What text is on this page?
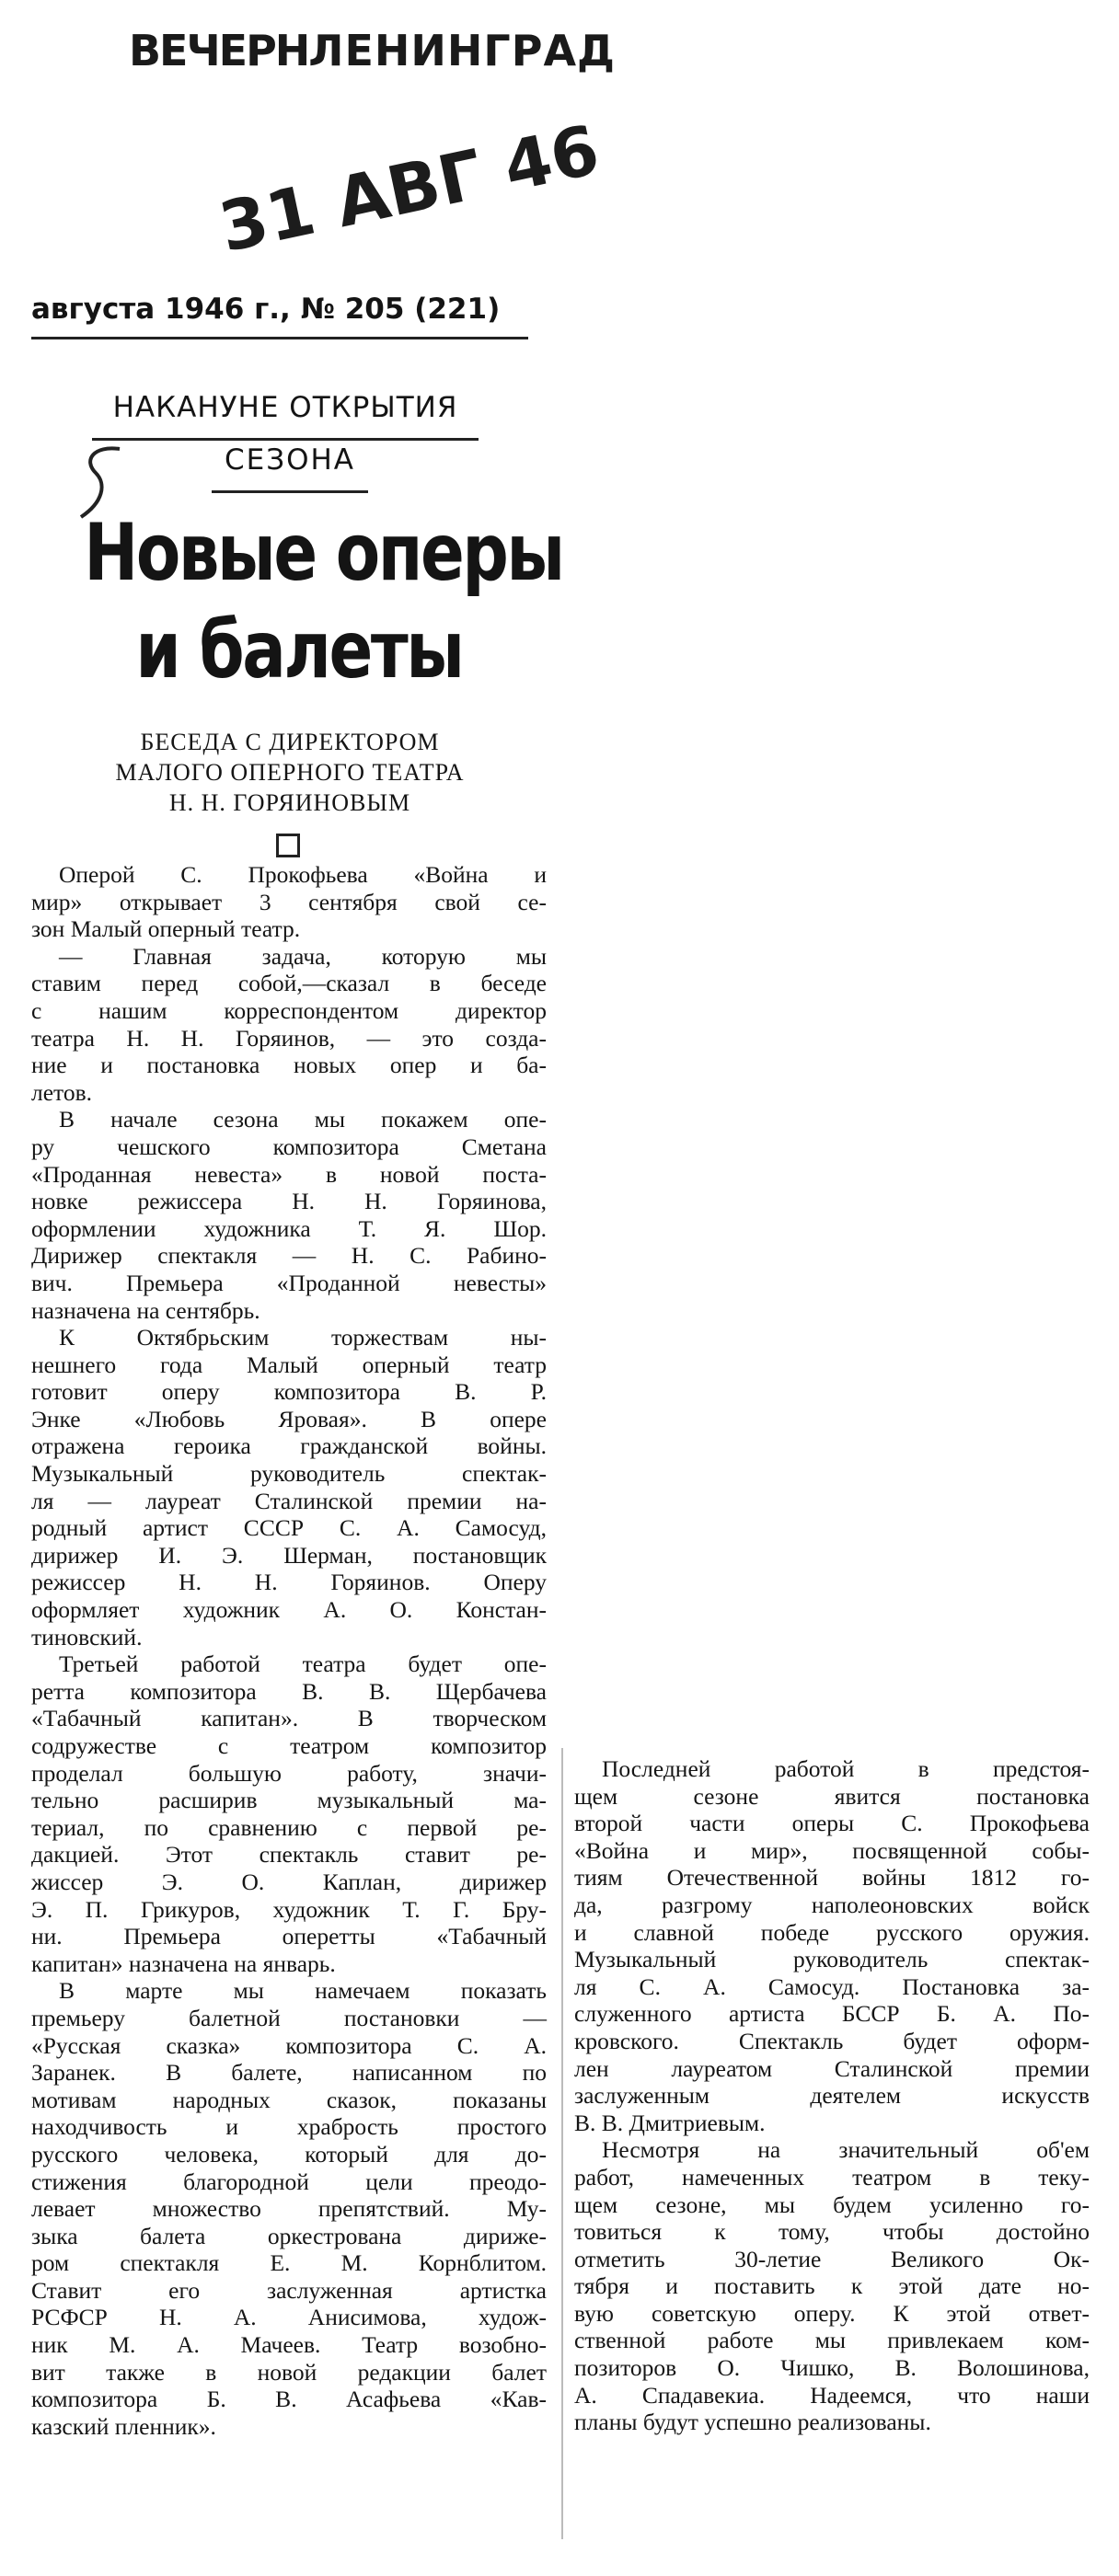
ВЕЧЕРНЛЕНИНГРАД
31 АВГ 46
августа 1946 г., № 205 (221)
НАКАНУНЕ ОТКРЫТИЯ
СЕЗОНА
Новые оперы
и балеты
БЕСЕДА С ДИРЕКТОРОМ
МАЛОГО ОПЕРНОГО ТЕАТРА
Н. Н. ГОРЯИНОВЫМ

Оперой С. Прокофьева «Война и
мир» открывает 3 сентября свой се-
зон Малый оперный театр.

— Главная задача, которую мы
ставим перед собой,—сказал в беседе
с нашим корреспондентом директор
театра Н. Н. Горяинов, — это созда-
ние и постановка новых опер и ба-
летов.

В начале сезона мы покажем опе-
ру чешского композитора Сметана
«Проданная невеста» в новой поста-
новке режиссера Н. Н. Горяинова,
оформлении художника Т. Я. Шор.
Дирижер спектакля — Н. С. Рабино-
вич. Премьера «Проданной невесты»
назначена на сентябрь.

К Октябрьским торжествам ны-
нешнего года Малый оперный театр
готовит оперу композитора В. Р.
Энке «Любовь Яровая». В опере
отражена героика гражданской войны.
Музыкальный руководитель спектак-
ля — лауреат Сталинской премии на-
родный артист СССР С. А. Самосуд,
дирижер И. Э. Шерман, постановщик
режиссер Н. Н. Горяинов. Оперу
оформляет художник А. О. Констан-
тиновский.

Третьей работой театра будет опе-
ретта композитора В. В. Щербачева
«Табачный капитан». В творческом
содружестве с театром композитор
проделал большую работу, значи-
тельно расширив музыкальный ма-
териал, по сравнению с первой ре-
дакцией. Этот спектакль ставит ре-
жиссер Э. О. Каплан, дирижер
Э. П. Грикуров, художник Т. Г. Бру-
ни. Премьера оперетты «Табачный
капитан» назначена на январь.

В марте мы намечаем показать
премьеру балетной постановки —
«Русская сказка» композитора С. А.
Заранек. В балете, написанном по
мотивам народных сказок, показаны
находчивость и храбрость простого
русского человека, который для до-
стижения благородной цели преодо-
левает множество препятствий. Му-
зыка балета оркестрована дириже-
ром спектакля Е. М. Корнблитом.
Ставит его заслуженная артистка
РСФСР Н. А. Анисимова, худож-
ник М. А. Мачеев. Театр возобно-
вит также в новой редакции балет
композитора Б. В. Асафьева «Кав-
казский пленник».

Последней работой в предстоя-
щем сезоне явится постановка
второй части оперы С. Прокофьева
«Война и мир», посвященной собы-
тиям Отечественной войны 1812 го-
да, разгрому наполеоновских войск
и славной победе русского оружия.
Музыкальный руководитель спектак-
ля С. А. Самосуд. Постановка за-
служенного артиста БССР Б. А. По-
кровского. Спектакль будет оформ-
лен лауреатом Сталинской премии
заслуженным деятелем искусств
В. В. Дмитриевым.

Несмотря на значительный об'ем
работ, намеченных театром в теку-
щем сезоне, мы будем усиленно го-
товиться к тому, чтобы достойно
отметить 30-летие Великого Ок-
тября и поставить к этой дате но-
вую советскую оперу. К этой ответ-
ственной работе мы привлекаем ком-
позиторов О. Чишко, В. Волошинова,
А. Спадавекиа. Надеемся, что наши
планы будут успешно реализованы.
